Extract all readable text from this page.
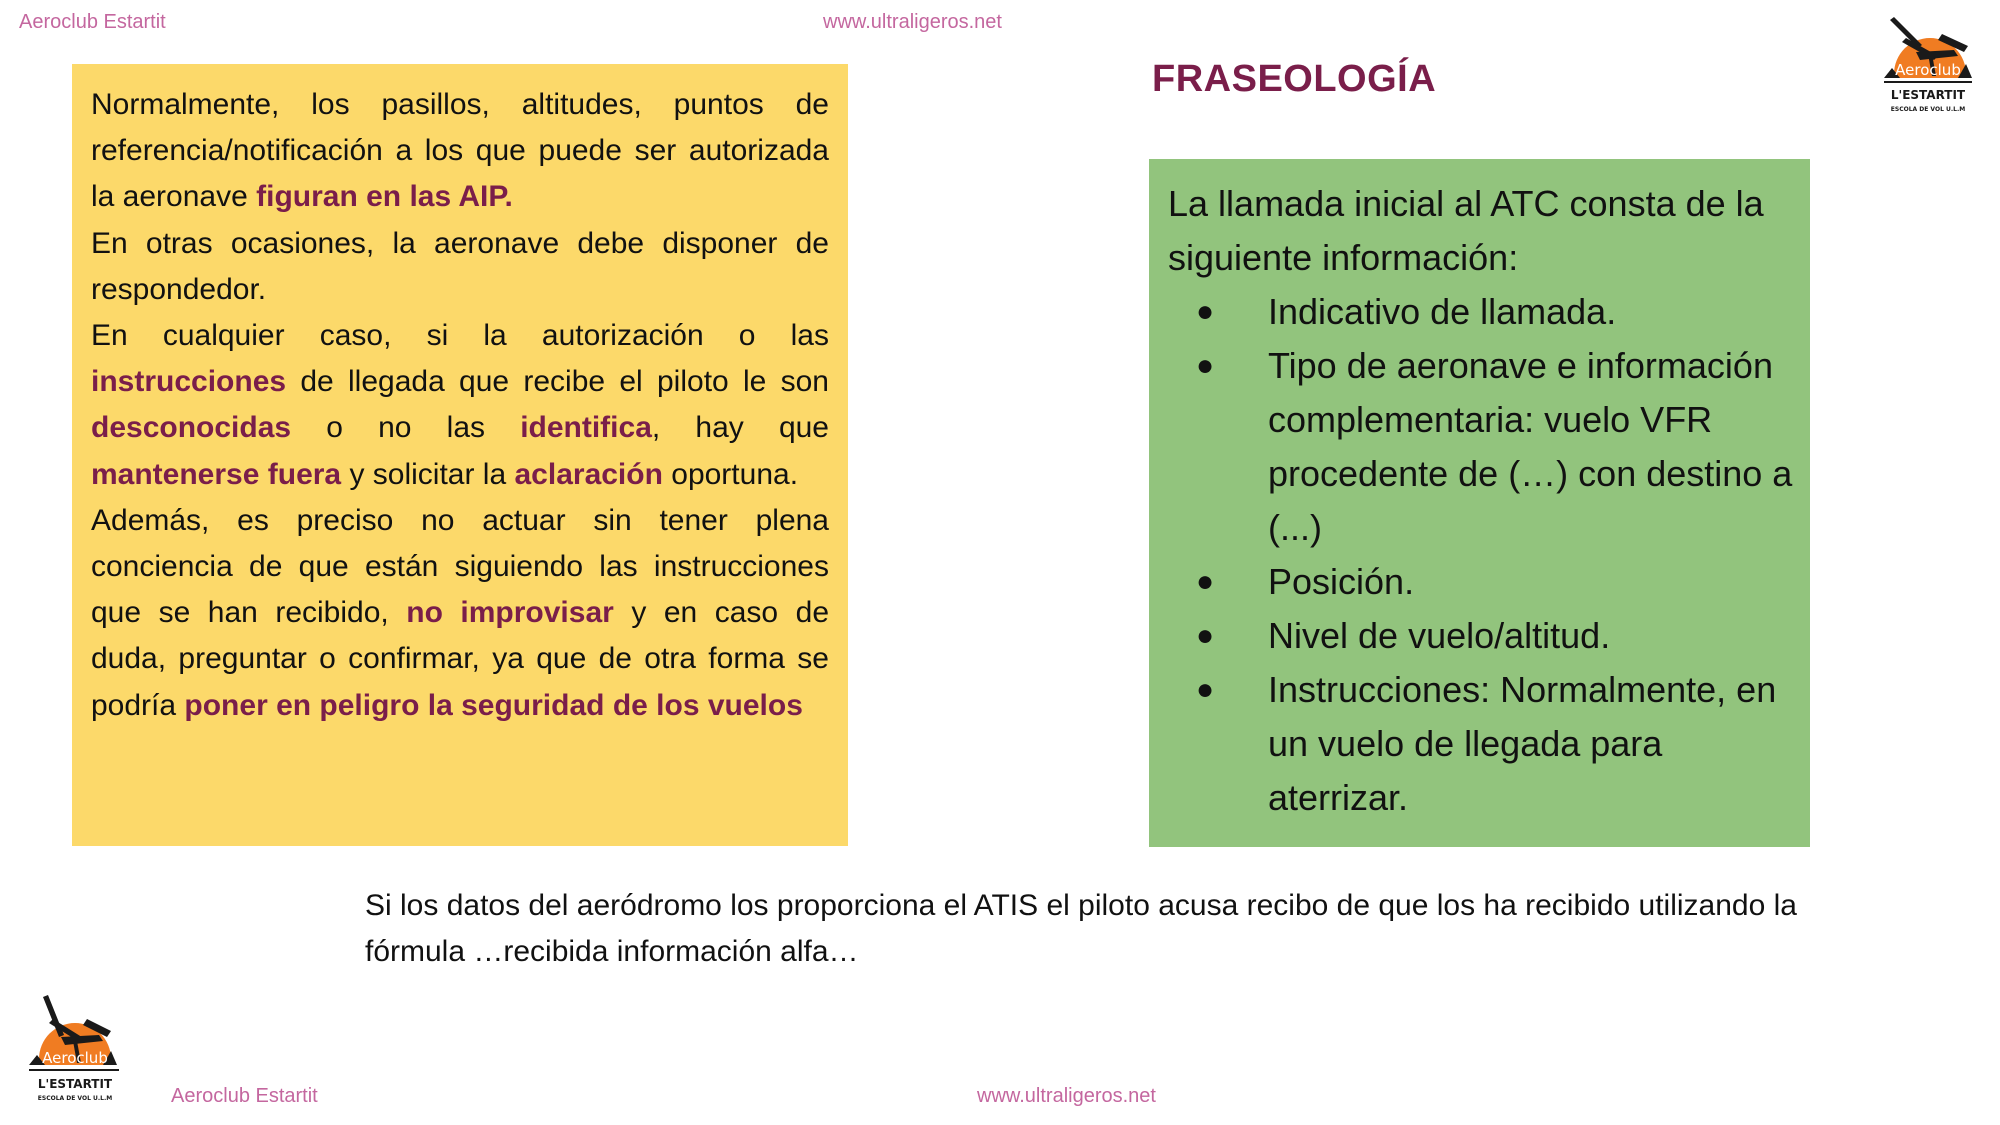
Aeroclub Estartit	www.ultraligeros.net
FRASEOLOGÍA	Aeroclub
L'ESTARTIT
ESCOLA DE VOL U.L.M

Normalmente, los pasillos, altitudes, puntos de referencia/notificación a los que puede ser autorizada la aeronave figuran en las AIP.

En otras ocasiones, la aeronave debe disponer de respondedor.

En cualquier caso, si la autorización o las instrucciones de llegada que recibe el piloto le son desconocidas o no las identifica, hay que mantenerse fuera y solicitar la aclaración oportuna.

Además, es preciso no actuar sin tener plena conciencia de que están siguiendo las instrucciones que se han recibido, no improvisar y en caso de duda, preguntar o confirmar, ya que de otra forma se podría poner en peligro la seguridad de los vuelos

La llamada inicial al ATC consta de la siguiente información:

● Indicativo de llamada.
● Tipo de aeronave e información complementaria: vuelo VFR procedente de (…) con destino a (...)
● Posición.
● Nivel de vuelo/altitud.
● Instrucciones: Normalmente, en un vuelo de llegada para aterrizar.
Si los datos del aeródromo los proporciona el ATIS el piloto acusa recibo de que los ha recibido utilizando la fórmula …recibida información alfa…
Aeroclub
L'ESTARTIT
ESCOLA DE VOL U.L.M	Aeroclub Estartit	www.ultraligeros.net
